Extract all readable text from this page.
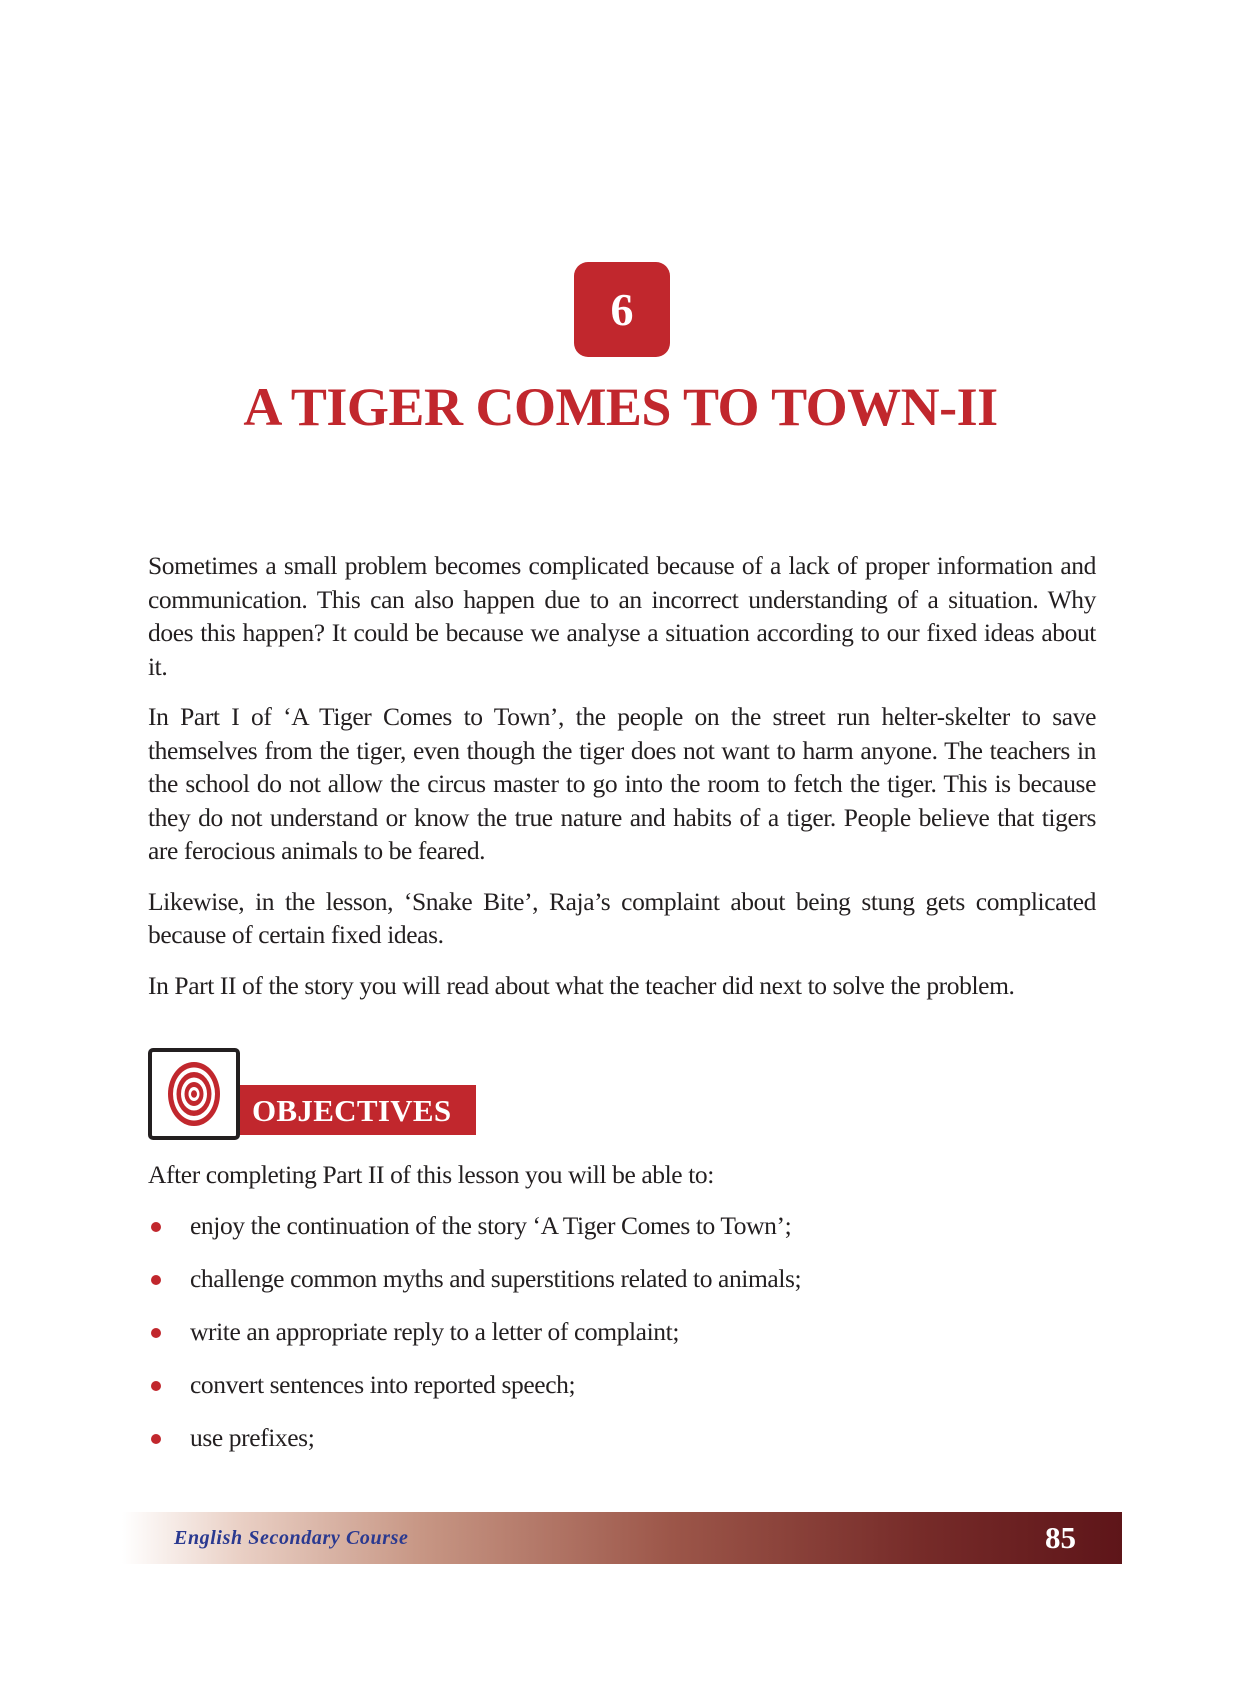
6
A TIGER COMES TO TOWN-II

Sometimes a small problem becomes complicated because of a lack of proper information and communication. This can also happen due to an incorrect understanding of a situation. Why does this happen? It could be because we analyse a situation according to our fixed ideas about it.

In Part I of ‘A Tiger Comes to Town’, the people on the street run helter-skelter to save themselves from the tiger, even though the tiger does not want to harm anyone. The teachers in the school do not allow the circus master to go into the room to fetch the tiger. This is because they do not understand or know the true nature and habits of a tiger. People believe that tigers are ferocious animals to be feared.

Likewise, in the lesson, ‘Snake Bite’, Raja’s complaint about being stung gets complicated because of certain fixed ideas.

In Part II of the story you will read about what the teacher did next to solve the problem.

OBJECTIVES

After completing Part II of this lesson you will be able to:

enjoy the continuation of the story ‘A Tiger Comes to Town’;
challenge common myths and superstitions related to animals;
write an appropriate reply to a letter of complaint;
convert sentences into reported speech;
use prefixes;
English Secondary Course	85
